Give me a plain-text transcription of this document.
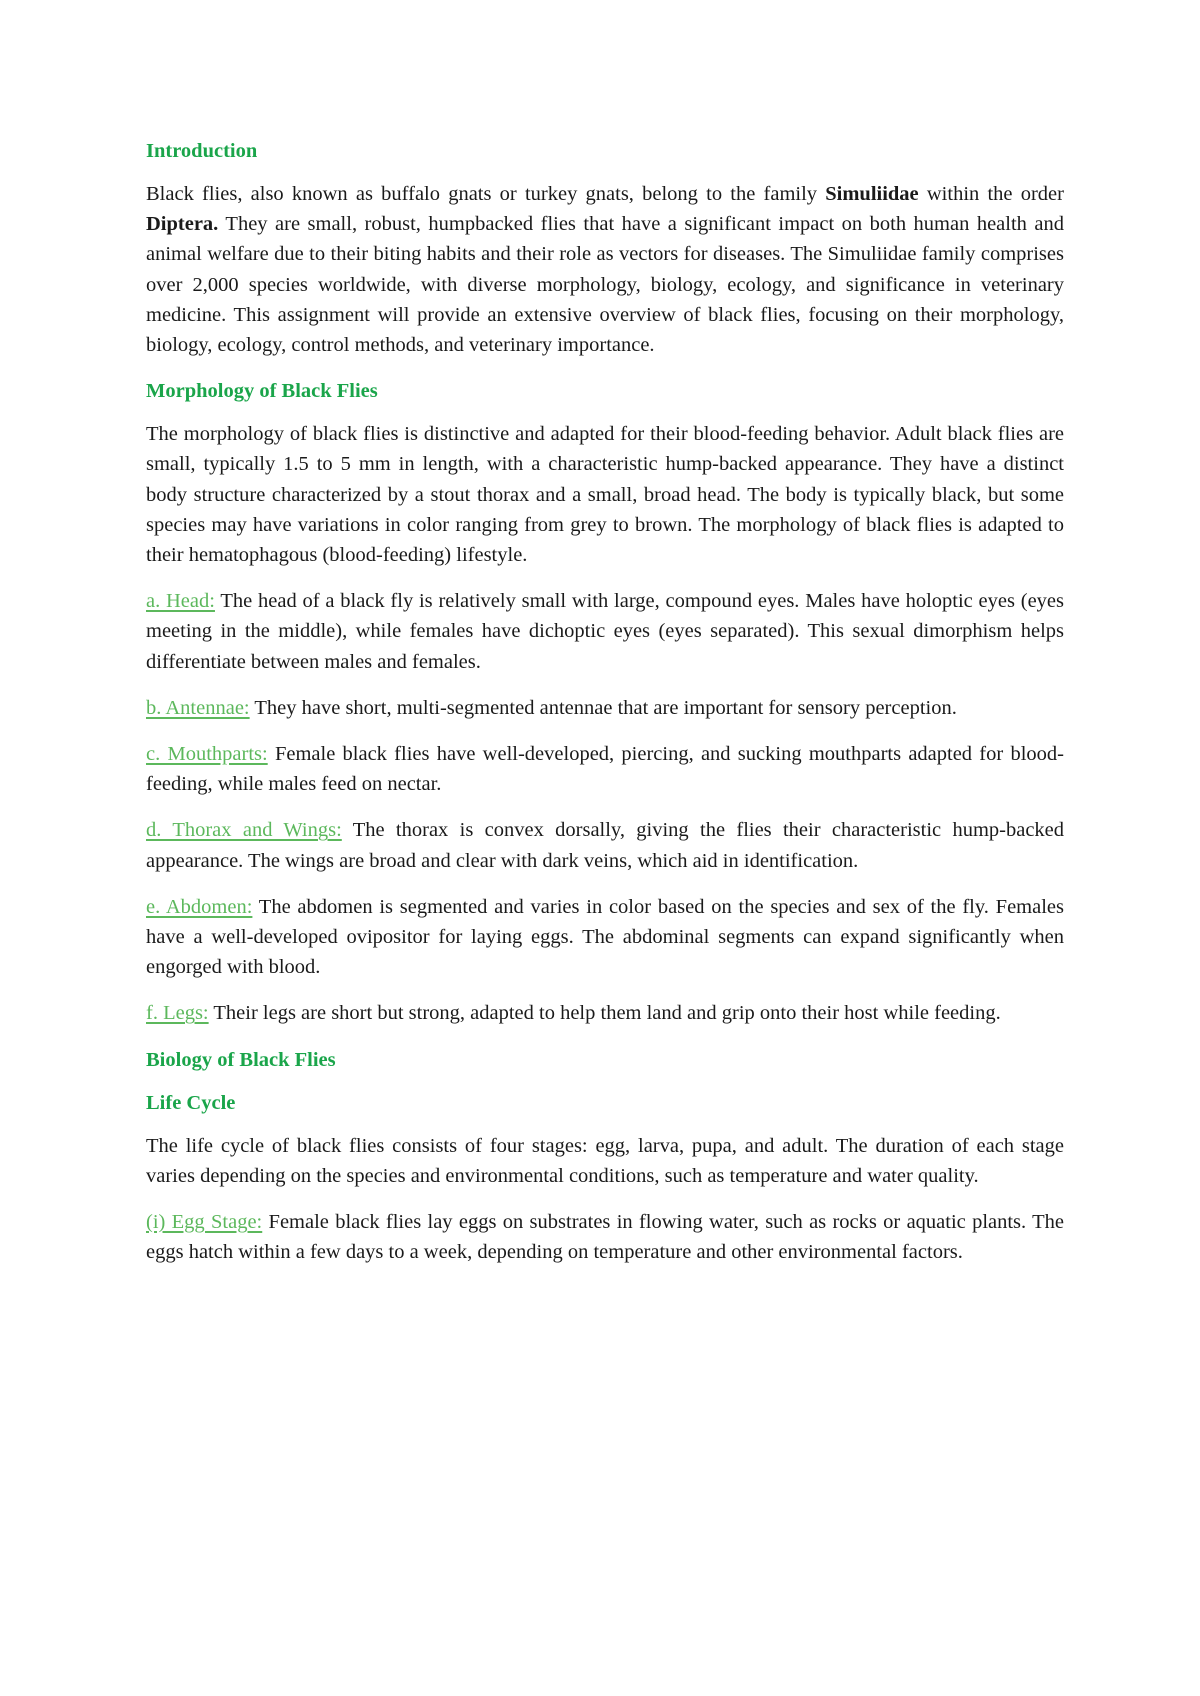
Introduction

Black flies, also known as buffalo gnats or turkey gnats, belong to the family Simuliidae within the order Diptera. They are small, robust, humpbacked flies that have a significant impact on both human health and animal welfare due to their biting habits and their role as vectors for diseases. The Simuliidae family comprises over 2,000 species worldwide, with diverse morphology, biology, ecology, and significance in veterinary medicine. This assignment will provide an extensive overview of black flies, focusing on their morphology, biology, ecology, control methods, and veterinary importance.

Morphology of Black Flies

The morphology of black flies is distinctive and adapted for their blood-feeding behavior. Adult black flies are small, typically 1.5 to 5 mm in length, with a characteristic hump-backed appearance. They have a distinct body structure characterized by a stout thorax and a small, broad head. The body is typically black, but some species may have variations in color ranging from grey to brown. The morphology of black flies is adapted to their hematophagous (blood-feeding) lifestyle.

a. Head: The head of a black fly is relatively small with large, compound eyes. Males have holoptic eyes (eyes meeting in the middle), while females have dichoptic eyes (eyes separated). This sexual dimorphism helps differentiate between males and females.

b. Antennae: They have short, multi-segmented antennae that are important for sensory perception.

c. Mouthparts: Female black flies have well-developed, piercing, and sucking mouthparts adapted for blood-feeding, while males feed on nectar.

d. Thorax and Wings: The thorax is convex dorsally, giving the flies their characteristic hump-backed appearance. The wings are broad and clear with dark veins, which aid in identification.

e. Abdomen: The abdomen is segmented and varies in color based on the species and sex of the fly. Females have a well-developed ovipositor for laying eggs. The abdominal segments can expand significantly when engorged with blood.

f. Legs: Their legs are short but strong, adapted to help them land and grip onto their host while feeding.

Biology of Black Flies
Life Cycle

The life cycle of black flies consists of four stages: egg, larva, pupa, and adult. The duration of each stage varies depending on the species and environmental conditions, such as temperature and water quality.

(i) Egg Stage: Female black flies lay eggs on substrates in flowing water, such as rocks or aquatic plants. The eggs hatch within a few days to a week, depending on temperature and other environmental factors.
